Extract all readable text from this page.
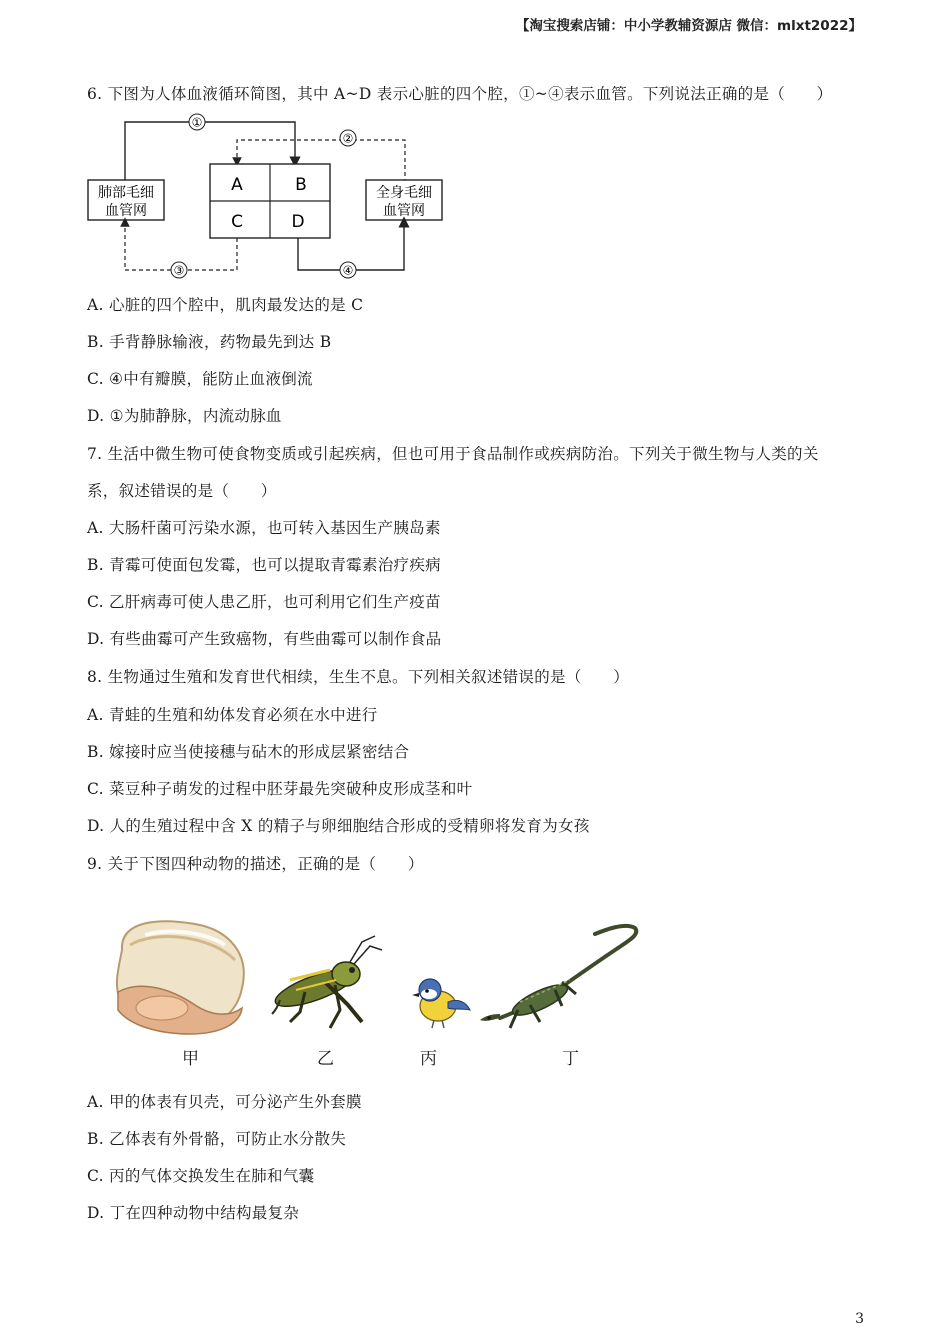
【淘宝搜索店铺：中小学教辅资源店 微信：mlxt2022】
6. 下图为人体血液循环简图，其中 A~D 表示心脏的四个腔，①~④表示血管。下列说法正确的是（　　）
①
②
A	B
C	D
肺部毛细
血管网
全身毛细
血管网
③	④
A. 心脏的四个腔中，肌肉最发达的是 C
B. 手背静脉输液，药物最先到达 B
C. ④中有瓣膜，能防止血液倒流
D. ①为肺静脉，内流动脉血
7. 生活中微生物可使食物变质或引起疾病，但也可用于食品制作或疾病防治。下列关于微生物与人类的关
系，叙述错误的是（　　）
A. 大肠杆菌可污染水源，也可转入基因生产胰岛素
B. 青霉可使面包发霉，也可以提取青霉素治疗疾病
C. 乙肝病毒可使人患乙肝，也可利用它们生产疫苗
D. 有些曲霉可产生致癌物，有些曲霉可以制作食品
8. 生物通过生殖和发育世代相续，生生不息。下列相关叙述错误的是（　　）
A. 青蛙的生殖和幼体发育必须在水中进行
B. 嫁接时应当使接穗与砧木的形成层紧密结合
C. 菜豆种子萌发的过程中胚芽最先突破种皮形成茎和叶
D. 人的生殖过程中含 X 的精子与卵细胞结合形成的受精卵将发育为女孩
9. 关于下图四种动物的描述，正确的是（　　）
甲	乙	丙	丁
A. 甲的体表有贝壳，可分泌产生外套膜
B. 乙体表有外骨骼，可防止水分散失
C. 丙的气体交换发生在肺和气囊
D. 丁在四种动物中结构最复杂
3
